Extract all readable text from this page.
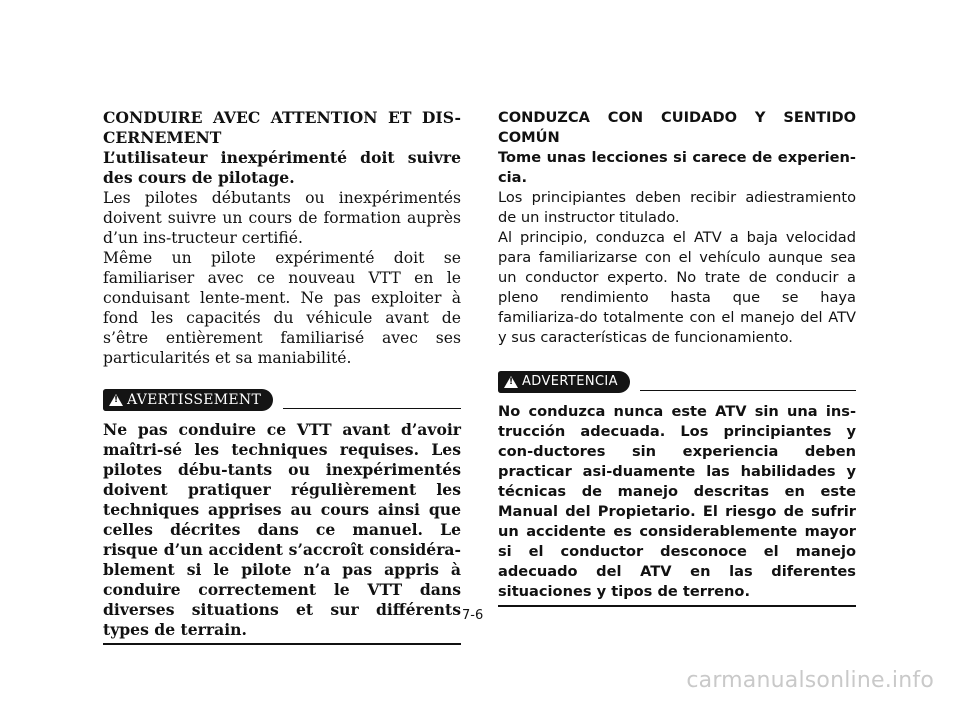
CONDUIRE AVEC ATTENTION ET DIS-CERNEMENT

L’utilisateur inexpérimenté doit suivre des cours de pilotage.

Les pilotes débutants ou inexpérimentés doivent suivre un cours de formation auprès d’un ins-tructeur certifié.

Même un pilote expérimenté doit se familiariser avec ce nouveau VTT en le conduisant lente-ment. Ne pas exploiter à fond les capacités du véhicule avant de s’être entièrement familiarisé avec ses particularités et sa maniabilité.

!
AVERTISSEMENT

Ne pas conduire ce VTT avant d’avoir maîtri-sé les techniques requises. Les pilotes débu-tants ou inexpérimentés doivent pratiquer régulièrement les techniques apprises au cours ainsi que celles décrites dans ce manuel. Le risque d’un accident s’accroît considéra-blement si le pilote n’a pas appris à conduire correctement le VTT dans diverses situations et sur différents types de terrain.

CONDUZCA CON CUIDADO Y SENTIDO COMÚN

Tome unas lecciones si carece de experien-cia.

Los principiantes deben recibir adiestramiento de un instructor titulado.

Al principio, conduzca el ATV a baja velocidad para familiarizarse con el vehículo aunque sea un conductor experto. No trate de conducir a pleno rendimiento hasta que se haya familiariza-do totalmente con el manejo del ATV y sus características de funcionamiento.

!
ADVERTENCIA

No conduzca nunca este ATV sin una ins-trucción adecuada. Los principiantes y con-ductores sin experiencia deben practicar asi-duamente las habilidades y técnicas de manejo descritas en este Manual del Propietario. El riesgo de sufrir un accidente es considerablemente mayor si el conductor desconoce el manejo adecuado del ATV en las diferentes situaciones y tipos de terreno.

7-6
carmanualsonline.info
